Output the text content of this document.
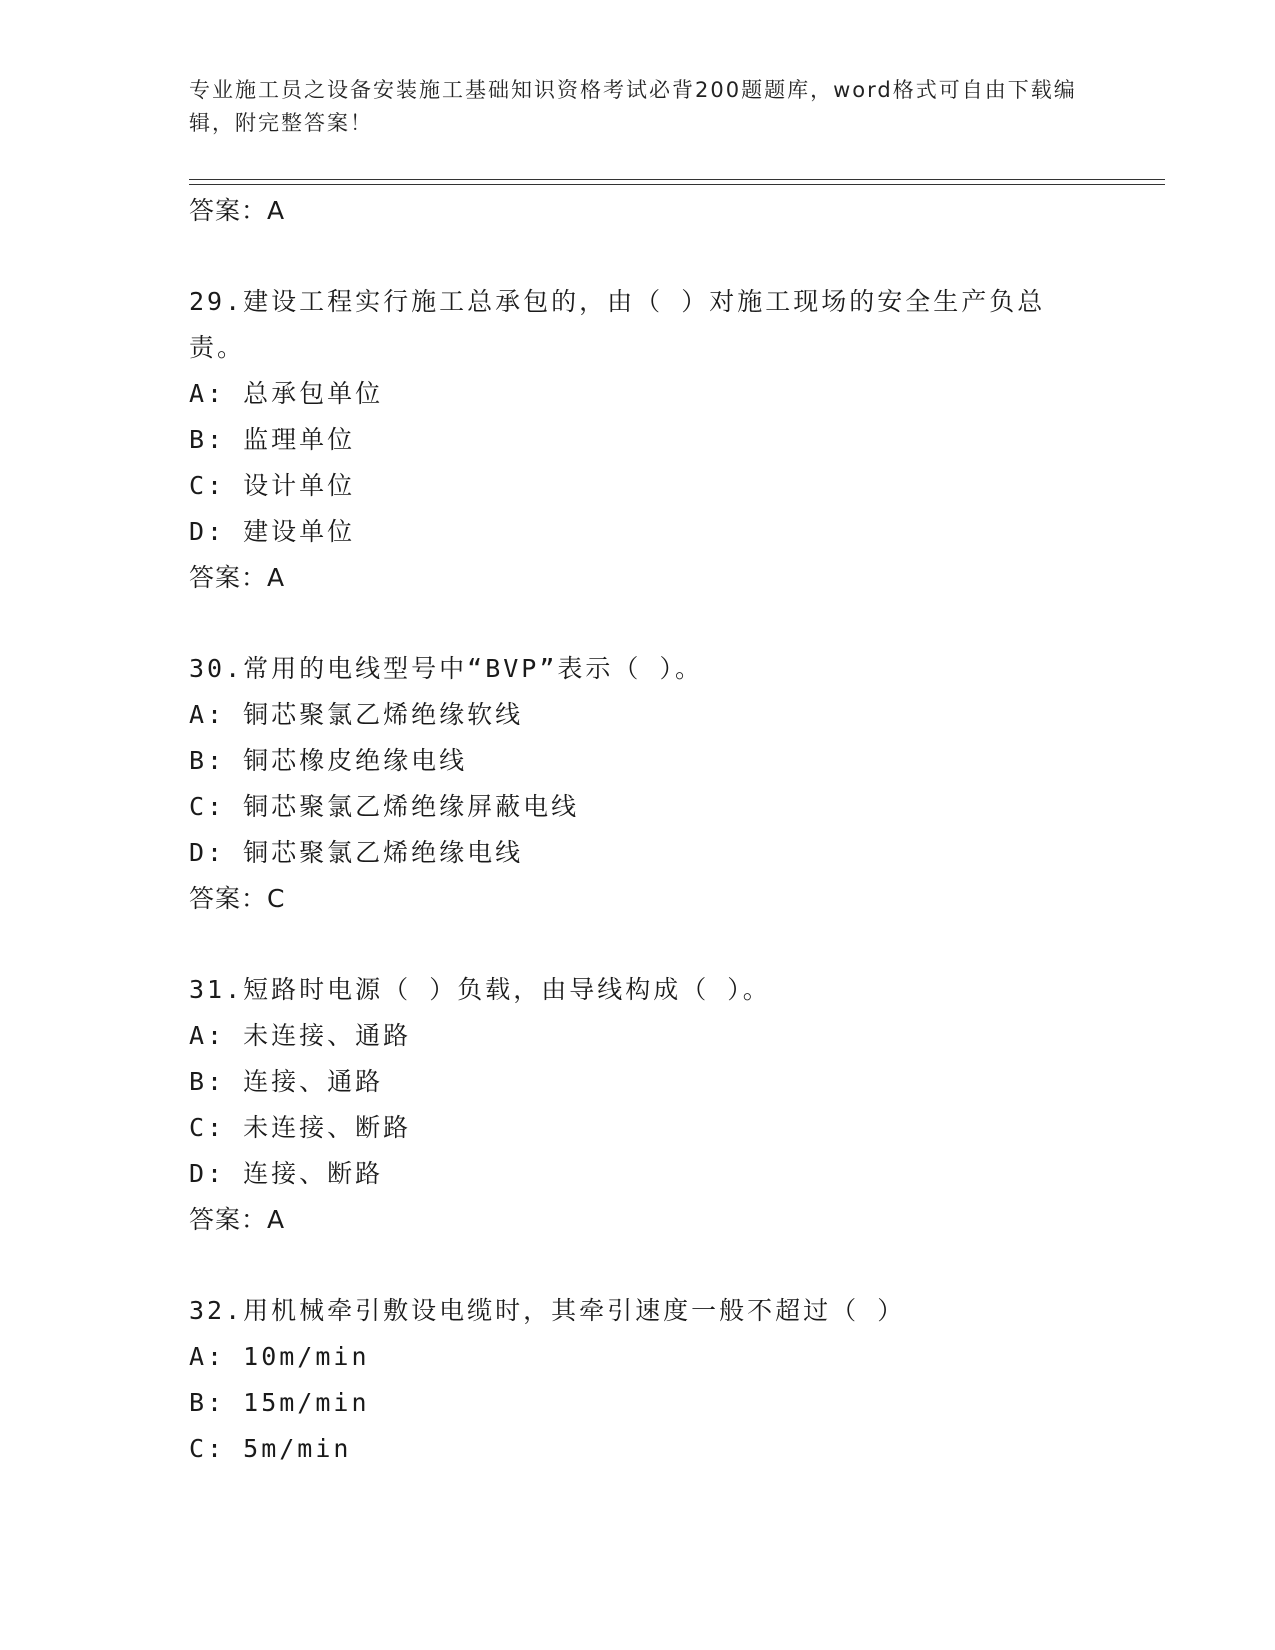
专业施工员之设备安装施工基础知识资格考试必背200题题库，word格式可自由下载编辑，附完整答案！
答案：A
29.建设工程实行施工总承包的，由（ ）对施工现场的安全生产负总
责。
A: 总承包单位
B: 监理单位
C: 设计单位
D: 建设单位
答案：A
30.常用的电线型号中“BVP”表示（ ）。
A: 铜芯聚氯乙烯绝缘软线
B: 铜芯橡皮绝缘电线
C: 铜芯聚氯乙烯绝缘屏蔽电线
D: 铜芯聚氯乙烯绝缘电线
答案：C
31.短路时电源（ ）负载，由导线构成（ ）。
A: 未连接、通路
B: 连接、通路
C: 未连接、断路
D: 连接、断路
答案：A
32.用机械牵引敷设电缆时，其牵引速度一般不超过（ ）
A: 10m/min
B: 15m/min
C: 5m/min
